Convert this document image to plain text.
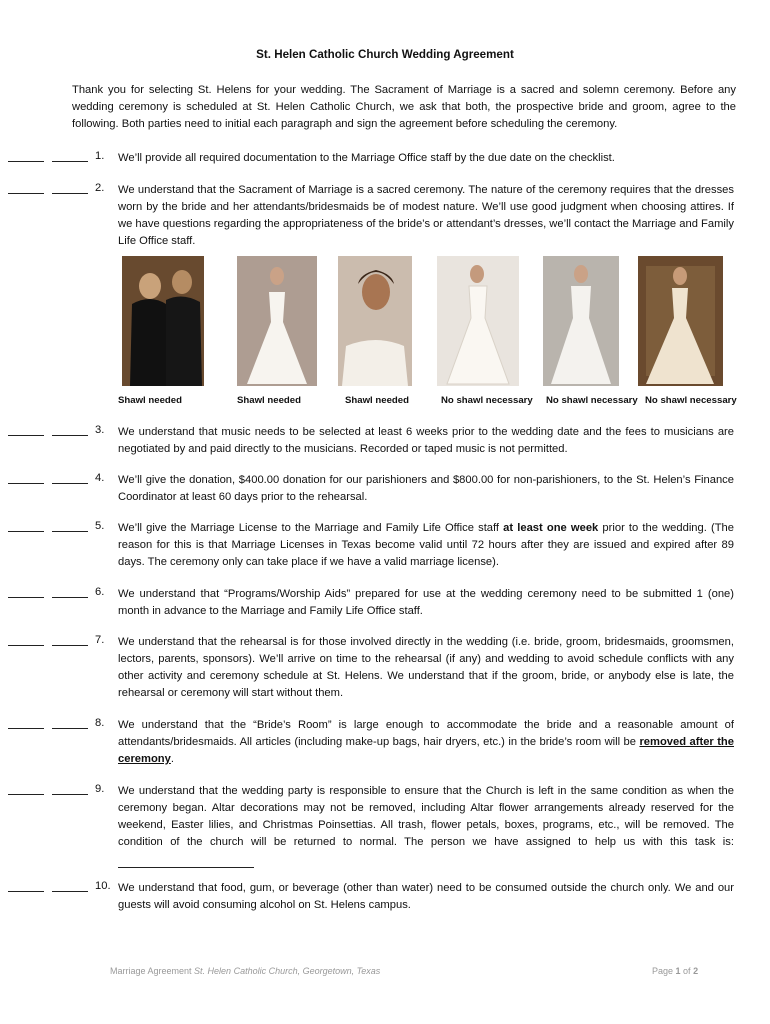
St. Helen Catholic Church Wedding Agreement
Thank you for selecting St. Helens for your wedding. The Sacrament of Marriage is a sacred and solemn ceremony. Before any wedding ceremony is scheduled at St. Helen Catholic Church, we ask that both, the prospective bride and groom, agree to the following. Both parties need to initial each paragraph and sign the agreement before scheduling the ceremony.
1. We’ll provide all required documentation to the Marriage Office staff by the due date on the checklist.
2. We understand that the Sacrament of Marriage is a sacred ceremony. The nature of the ceremony requires that the dresses worn by the bride and her attendants/bridesmaids be of modest nature. We’ll use good judgment when choosing attires. If we have questions regarding the appropriateness of the bride’s or attendant’s dresses, we’ll contact the Marriage and Family Life Office staff.
Shawl needed	Shawl needed	Shawl needed	No shawl necessary No shawl necessary No shawl necessary
3. We understand that music needs to be selected at least 6 weeks prior to the wedding date and the fees to musicians are negotiated by and paid directly to the musicians. Recorded or taped music is not permitted.
4. We’ll give the donation, $400.00 donation for our parishioners and $800.00 for non-parishioners, to the St. Helen’s Finance Coordinator at least 60 days prior to the rehearsal.
5. We’ll give the Marriage License to the Marriage and Family Life Office staff at least one week prior to the wedding. (The reason for this is that Marriage Licenses in Texas become valid until 72 hours after they are issued and expired after 89 days. The ceremony only can take place if we have a valid marriage license).
6. We understand that “Programs/Worship Aids” prepared for use at the wedding ceremony need to be submitted 1 (one) month in advance to the Marriage and Family Life Office staff.
7. We understand that the rehearsal is for those involved directly in the wedding (i.e. bride, groom, bridesmaids, groomsmen, lectors, parents, sponsors). We’ll arrive on time to the rehearsal (if any) and wedding to avoid schedule conflicts with any other activity and ceremony schedule at St. Helens. We understand that if the groom, bride, or anybody else is late, the rehearsal or ceremony will start without them.
8. We understand that the “Bride’s Room” is large enough to accommodate the bride and a reasonable amount of attendants/bridesmaids. All articles (including make-up bags, hair dryers, etc.) in the bride’s room will be removed after the ceremony.
9. We understand that the wedding party is responsible to ensure that the Church is left in the same condition as when the ceremony began. Altar decorations may not be removed, including Altar flower arrangements already reserved for the weekend, Easter lilies, and Christmas Poinsettias. All trash, flower petals, boxes, programs, etc., will be removed. The condition of the church will be returned to normal. The person we have assigned to help us with this task is:
10. We understand that food, gum, or beverage (other than water) need to be consumed outside the church only. We and our guests will avoid consuming alcohol on St. Helens campus.
Marriage Agreement St. Helen Catholic Church, Georgetown, Texas	Page 1 of 2
